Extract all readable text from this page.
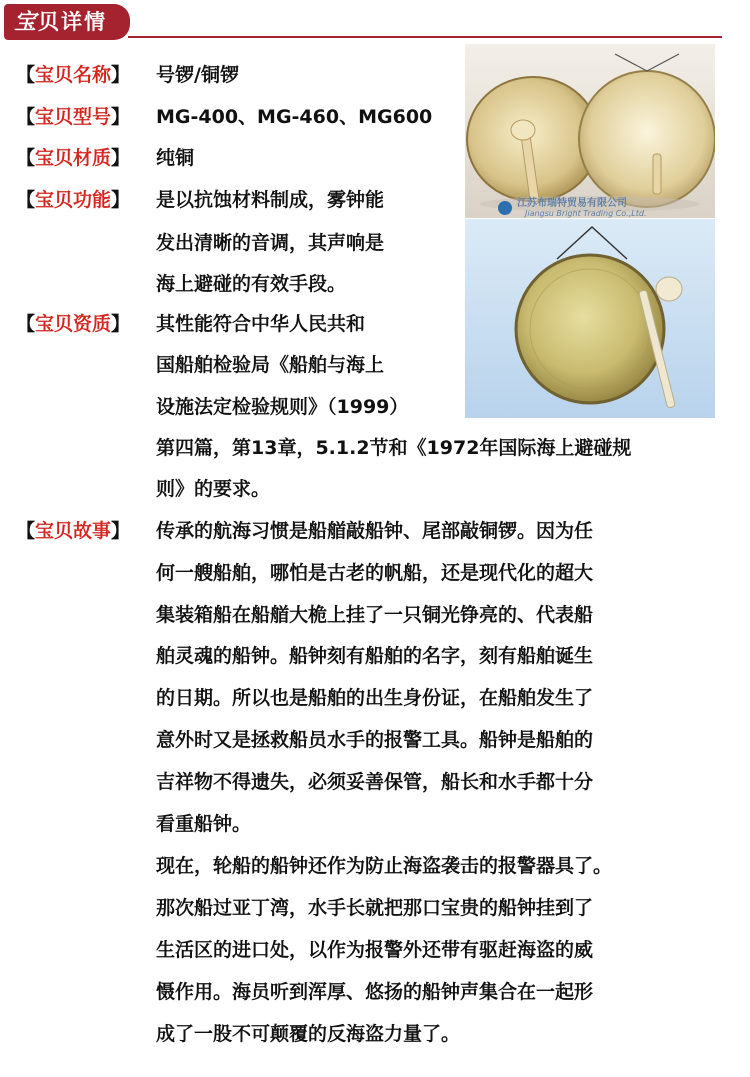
宝贝详情
江苏布瑞特贸易有限公司
Jiangsu Bright Trading Co.,Ltd.
【宝贝名称】 号锣/铜锣
【宝贝型号】 MG-400、MG-460、MG600
【宝贝材质】 纯铜
【宝贝功能】 是以抗蚀材料制成，雾钟能
发出清晰的音调，其声响是
海上避碰的有效手段。
【宝贝资质】 其性能符合中华人民共和
国船舶检验局《船舶与海上
设施法定检验规则》（1999）
第四篇，第13章，5.1.2节和《1972年国际海上避碰规
则》的要求。
【宝贝故事】 传承的航海习惯是船艏敲船钟、尾部敲铜锣。因为任
何一艘船舶，哪怕是古老的帆船，还是现代化的超大
集装箱船在船艏大桅上挂了一只铜光铮亮的、代表船
舶灵魂的船钟。船钟刻有船舶的名字，刻有船舶诞生
的日期。所以也是船舶的出生身份证，在船舶发生了
意外时又是拯救船员水手的报警工具。船钟是船舶的
吉祥物不得遗失，必须妥善保管，船长和水手都十分
看重船钟。
现在，轮船的船钟还作为防止海盗袭击的报警器具了。
那次船过亚丁湾，水手长就把那口宝贵的船钟挂到了
生活区的进口处，以作为报警外还带有驱赶海盗的威
慑作用。海员听到浑厚、悠扬的船钟声集合在一起形
成了一股不可颠覆的反海盗力量了。
